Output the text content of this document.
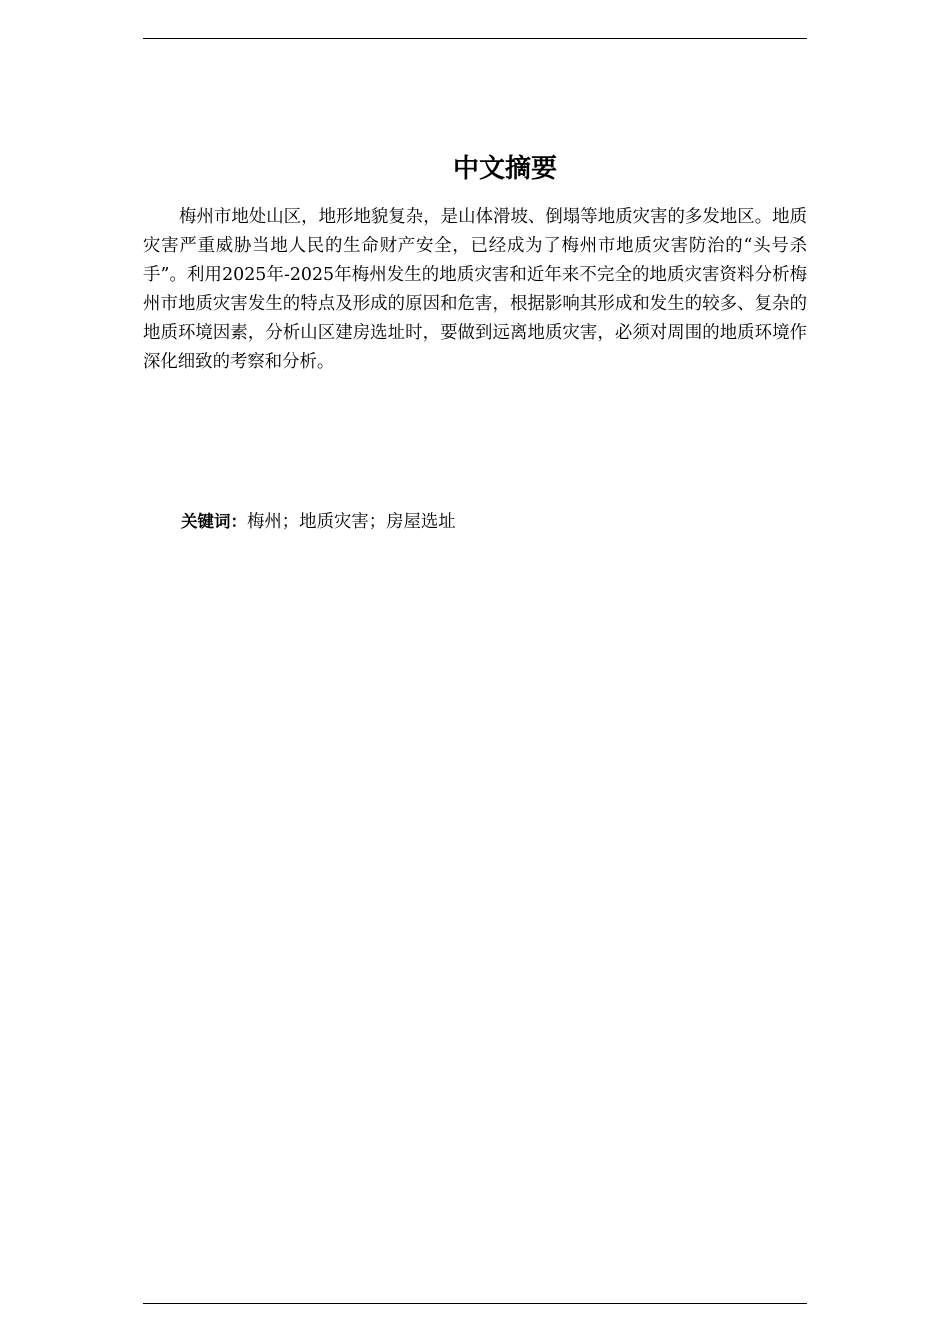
中文摘要

梅州市地处山区，地形地貌复杂，是山体滑坡、倒塌等地质灾害的多发地区。地质灾害严重威胁当地人民的生命财产安全，已经成为了梅州市地质灾害防治的“头号杀手”。利用2025年-2025年梅州发生的地质灾害和近年来不完全的地质灾害资料分析梅州市地质灾害发生的特点及形成的原因和危害，根据影响其形成和发生的较多、复杂的地质环境因素，分析山区建房选址时，要做到远离地质灾害，必须对周围的地质环境作深化细致的考察和分析。

关键词：梅州；地质灾害；房屋选址
